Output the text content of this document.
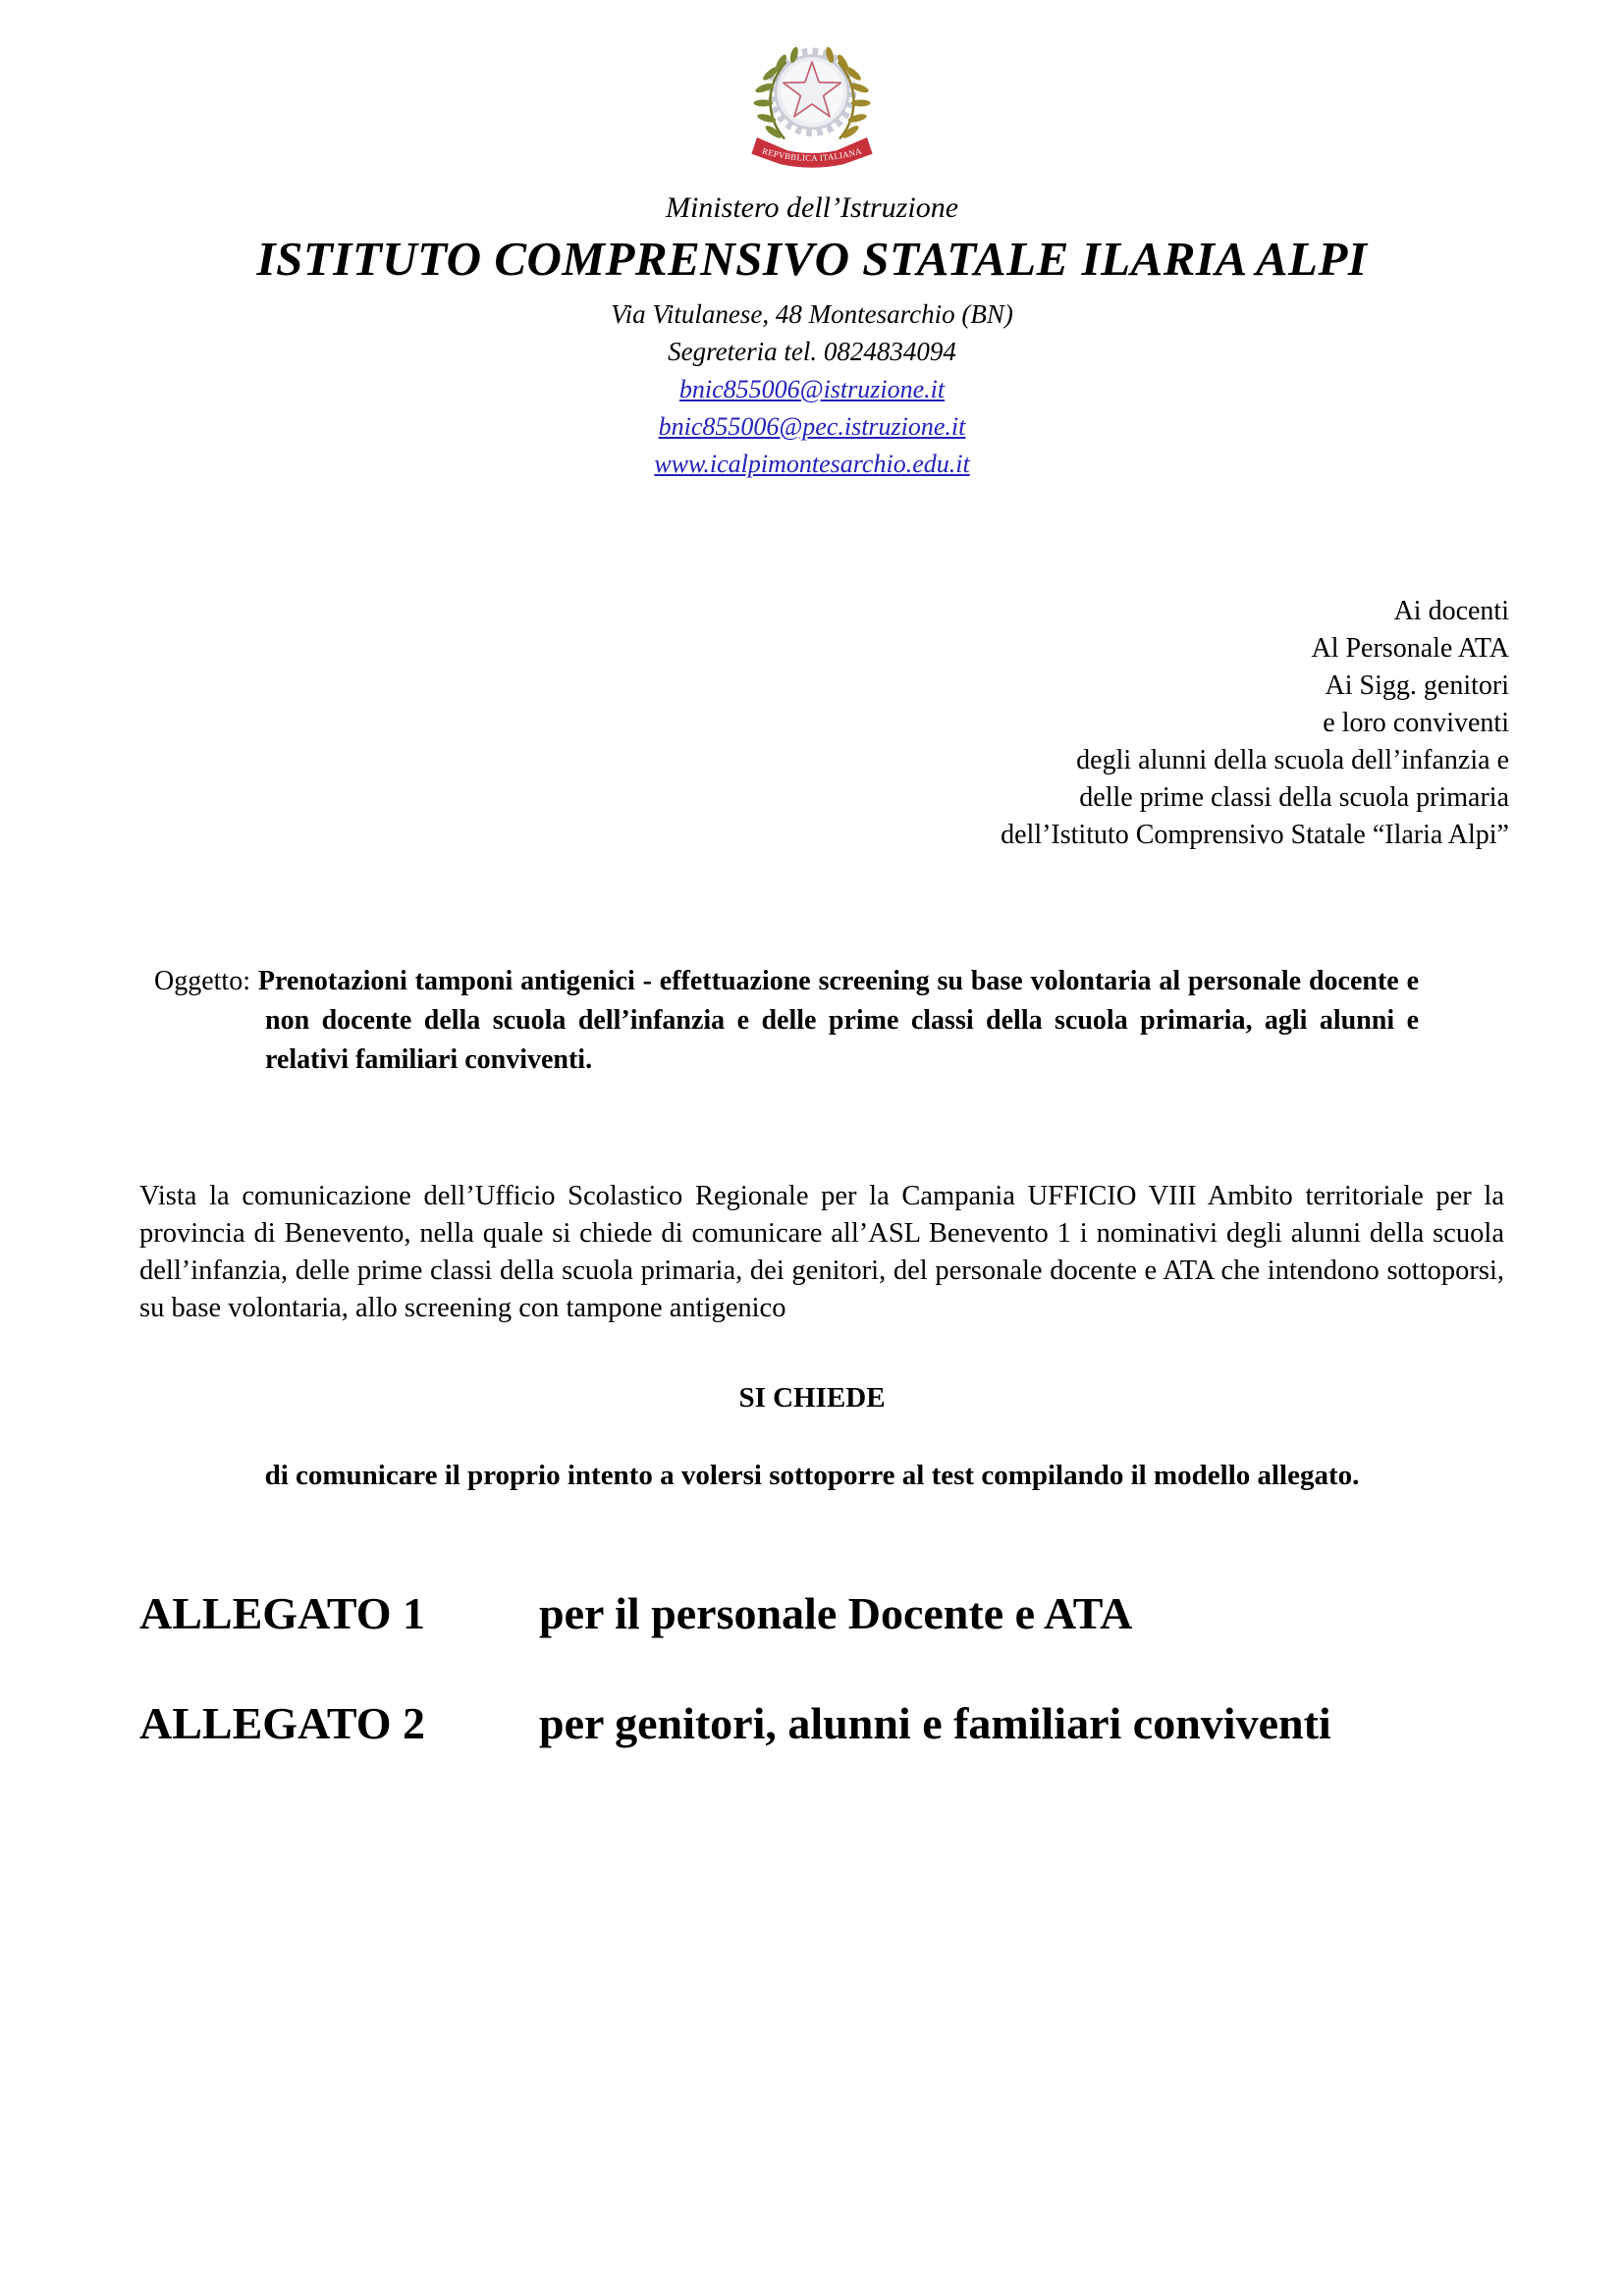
REPVBBLICA ITALIANA
Ministero dell’Istruzione
ISTITUTO COMPRENSIVO STATALE ILARIA ALPI
Via Vitulanese, 48 Montesarchio (BN)
Segreteria tel. 0824834094
bnic855006@istruzione.it
bnic855006@pec.istruzione.it
www.icalpimontesarchio.edu.it
Ai docenti
Al Personale ATA
Ai Sigg. genitori
e loro conviventi
degli alunni della scuola dell’infanzia e
delle prime classi della scuola primaria
dell’Istituto Comprensivo Statale “Ilaria Alpi”

Oggetto: Prenotazioni tamponi antigenici - effettuazione screening su base volontaria al personale docente e non docente della scuola dell’infanzia e delle prime classi della scuola primaria, agli alunni e relativi familiari conviventi.

Vista la comunicazione dell’Ufficio Scolastico Regionale per la Campania UFFICIO VIII Ambito territoriale per la provincia di Benevento, nella quale si chiede di comunicare all’ASL Benevento 1 i nominativi degli alunni della scuola dell’infanzia, delle prime classi della scuola primaria, dei genitori, del personale docente e ATA che intendono sottoporsi, su base volontaria, allo screening con tampone antigenico

SI CHIEDE
di comunicare il proprio intento a volersi sottoporre al test compilando il modello allegato.
ALLEGATO 1	per il personale Docente e ATA
ALLEGATO 2	per genitori, alunni e familiari conviventi
